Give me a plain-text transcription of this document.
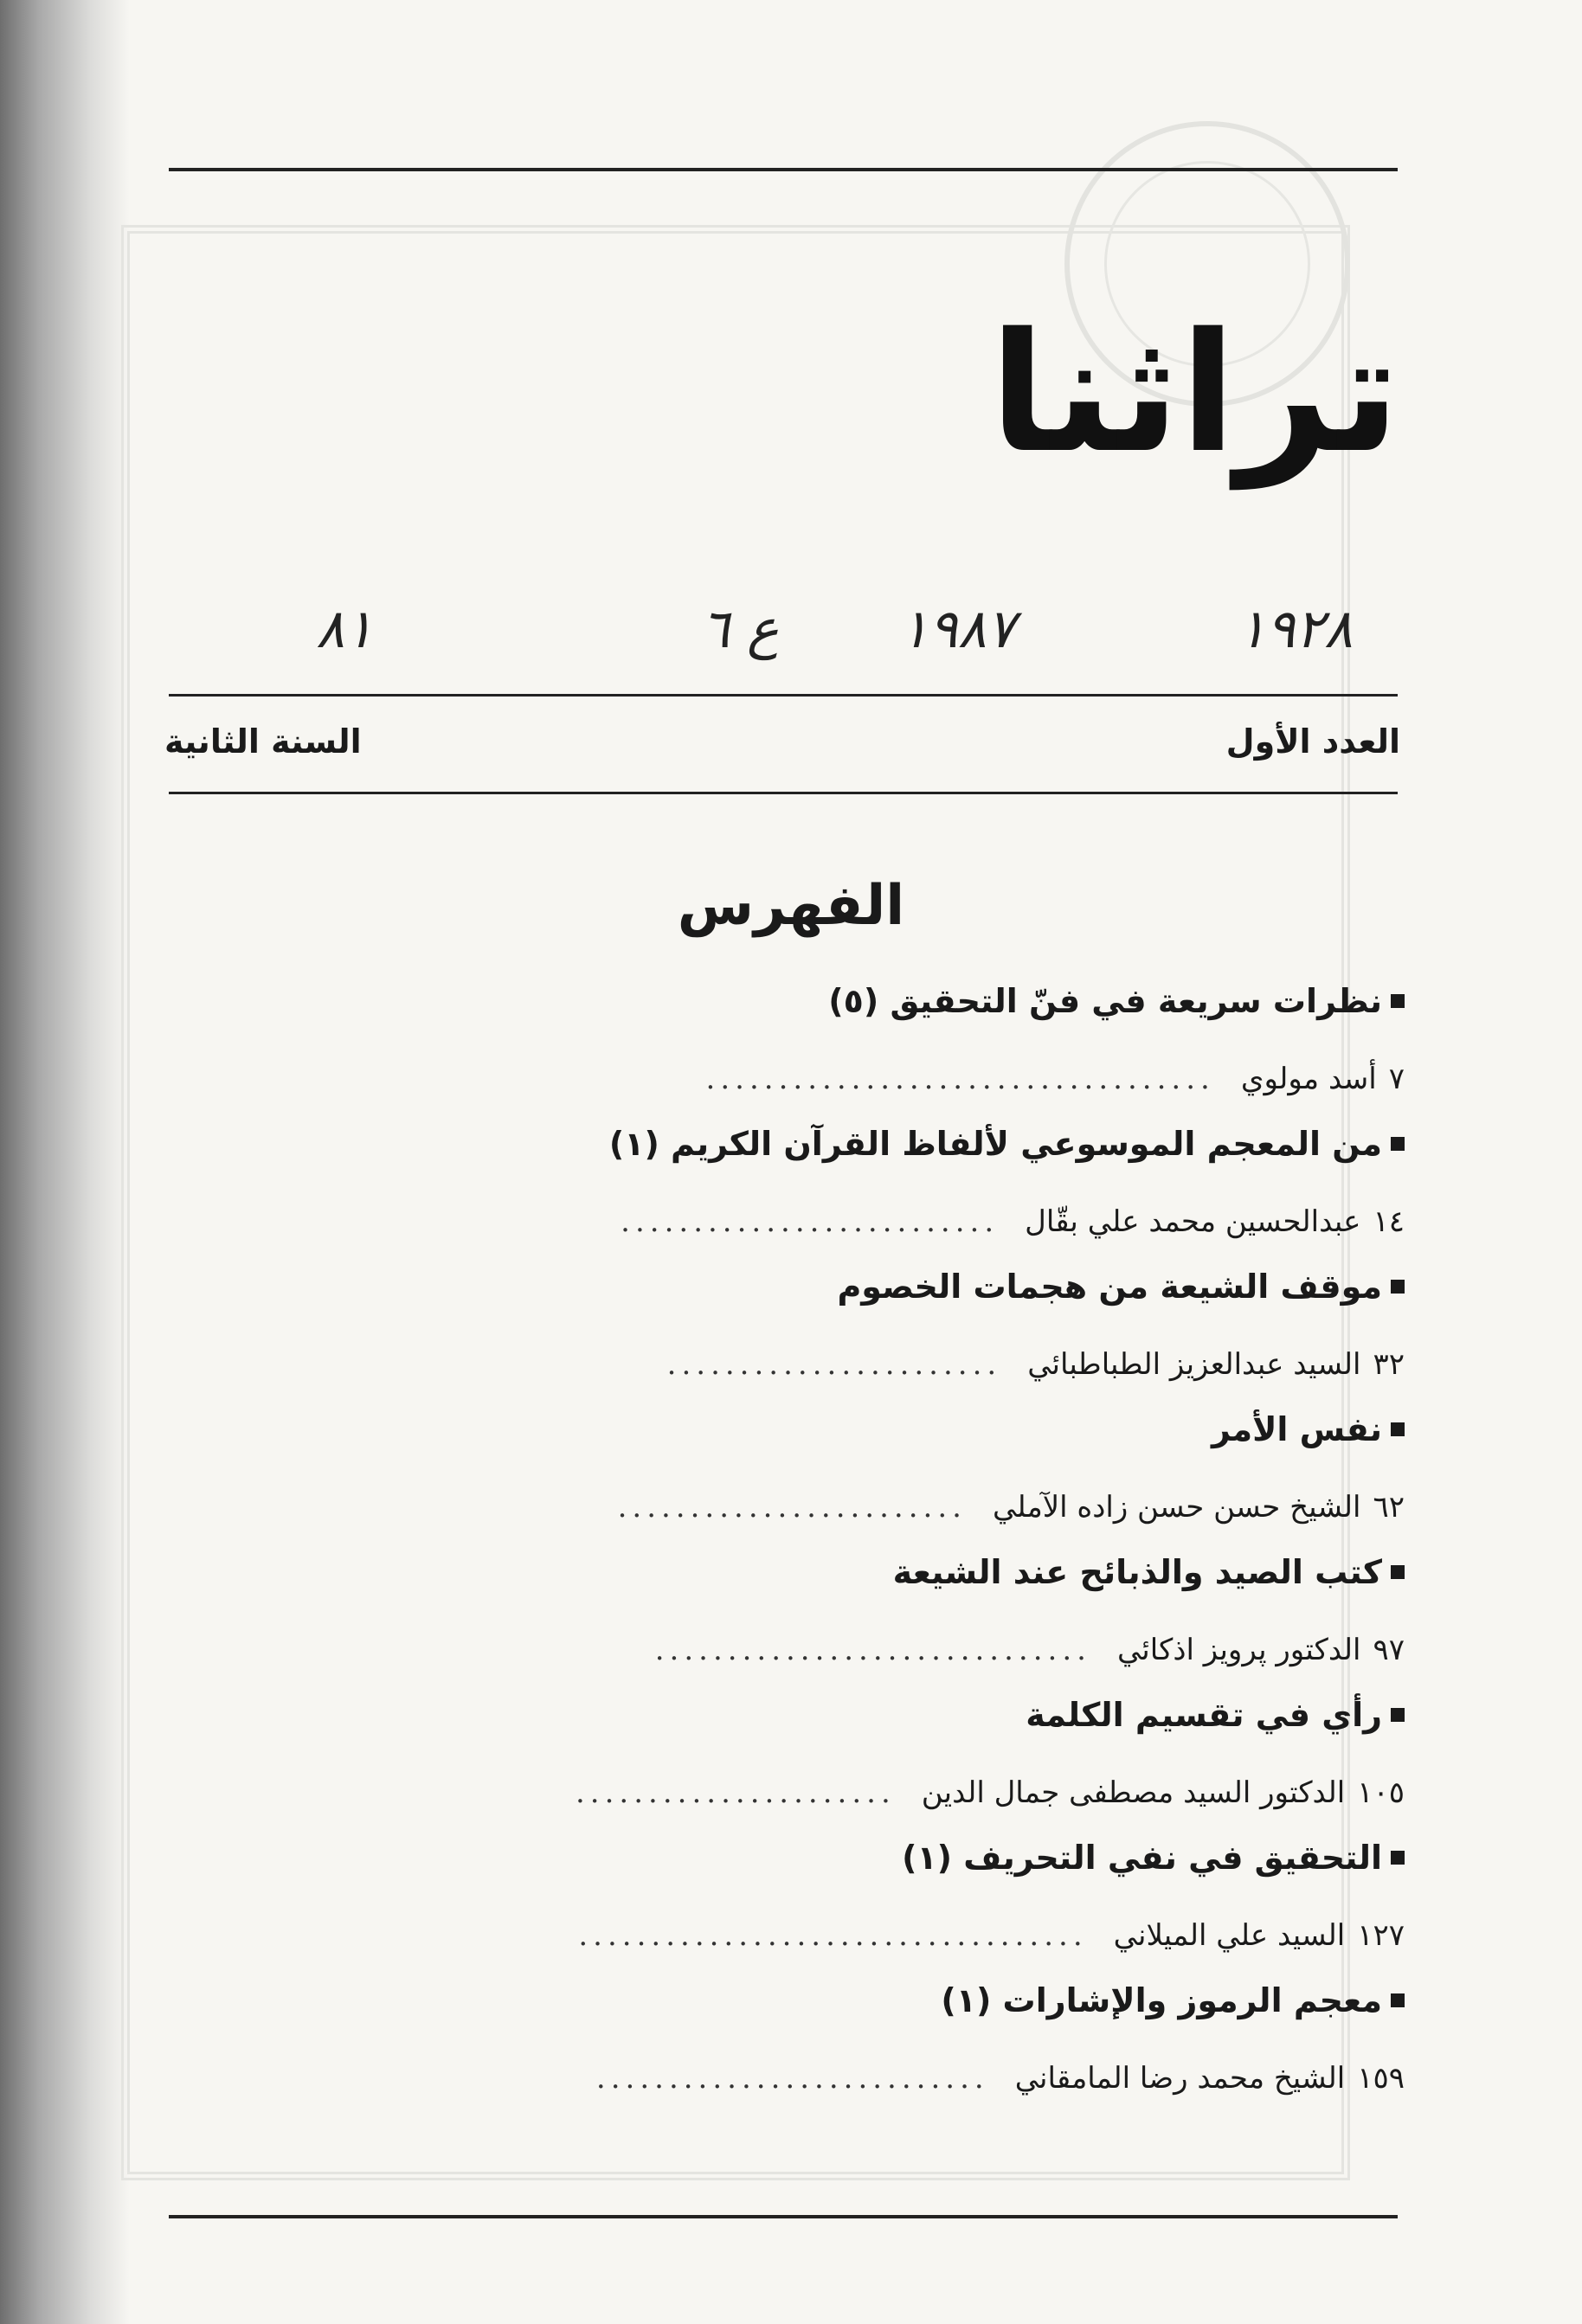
تراثنا
١٩٢٨
١٩٨٧
ع ٦
٨١
العدد الأول
السنة الثانية
الفهرس
نظرات سريعة في فنّ التحقيق (٥)
٧
أسد مولوي
...................................
من المعجم الموسوعي لألفاظ القرآن الكريم (١)
١٤
عبدالحسين محمد علي بقّال
..........................
موقف الشيعة من هجمات الخصوم
٣٢
السيد عبدالعزيز الطباطبائي
.......................
نفس الأمر
٦٢
الشيخ حسن حسن زاده الآملي
........................
كتب الصيد والذبائح عند الشيعة
٩٧
الدكتور پرويز اذكائي
..............................
رأي في تقسيم الكلمة
١٠٥
الدكتور السيد مصطفى جمال الدين
......................
التحقيق في نفي التحريف (١)
١٢٧
السيد علي الميلاني
...................................
معجم الرموز والإشارات (١)
١٥٩
الشيخ محمد رضا المامقاني
...........................
